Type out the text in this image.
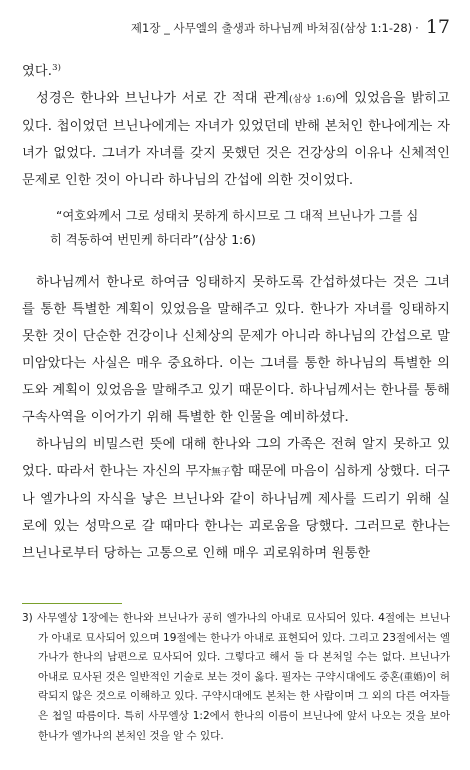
제1장 _ 사무엘의 출생과 하나님께 바쳐짐(삼상 1:1-28) · 17

였다.$^{3)}$

성경은 한나와 브닌나가 서로 간 적대 관계(삼상 1:6)에 있었음을 밝히고 있다. 첩이었던 브닌나에게는 자녀가 있었던데 반해 본처인 한나에게는 자녀가 없었다. 그녀가 자녀를 갖지 못했던 것은 건강상의 이유나 신체적인 문제로 인한 것이 아니라 하나님의 간섭에 의한 것이었다.

“여호와께서 그로 성태치 못하게 하시므로 그 대적 브닌나가 그를 심
히 격동하여 번민케 하더라”(삼상 1:6)

하나님께서 한나로 하여금 잉태하지 못하도록 간섭하셨다는 것은 그녀를 통한 특별한 계획이 있었음을 말해주고 있다. 한나가 자녀를 잉태하지 못한 것이 단순한 건강이나 신체상의 문제가 아니라 하나님의 간섭으로 말미암았다는 사실은 매우 중요하다. 이는 그녀를 통한 하나님의 특별한 의도와 계획이 있었음을 말해주고 있기 때문이다. 하나님께서는 한나를 통해 구속사역을 이어가기 위해 특별한 한 인물을 예비하셨다.

하나님의 비밀스런 뜻에 대해 한나와 그의 가족은 전혀 알지 못하고 있었다. 따라서 한나는 자신의 무자無子함 때문에 마음이 심하게 상했다. 더구나 엘가나의 자식을 낳은 브닌나와 같이 하나님께 제사를 드리기 위해 실로에 있는 성막으로 갈 때마다 한나는 괴로움을 당했다. 그러므로 한나는 브닌나로부터 당하는 고통으로 인해 매우 괴로워하며 원통한

3) 사무엘상 1장에는 한나와 브닌나가 공히 엘가나의 아내로 묘사되어 있다. 4절에는 브닌나가 아내로 묘사되어 있으며 19절에는 한나가 아내로 표현되어 있다. 그리고 23절에서는 엘가나가 한나의 남편으로 묘사되어 있다. 그렇다고 해서 둘 다 본처일 수는 없다. 브닌나가 아내로 묘사된 것은 일반적인 기술로 보는 것이 옳다. 필자는 구약시대에도 중혼(重婚)이 허락되지 않은 것으로 이해하고 있다. 구약시대에도 본처는 한 사람이며 그 외의 다른 여자들은 첩일 따름이다. 특히 사무엘상 1:2에서 한나의 이름이 브닌나에 앞서 나오는 것을 보아 한나가 엘가나의 본처인 것을 알 수 있다.
